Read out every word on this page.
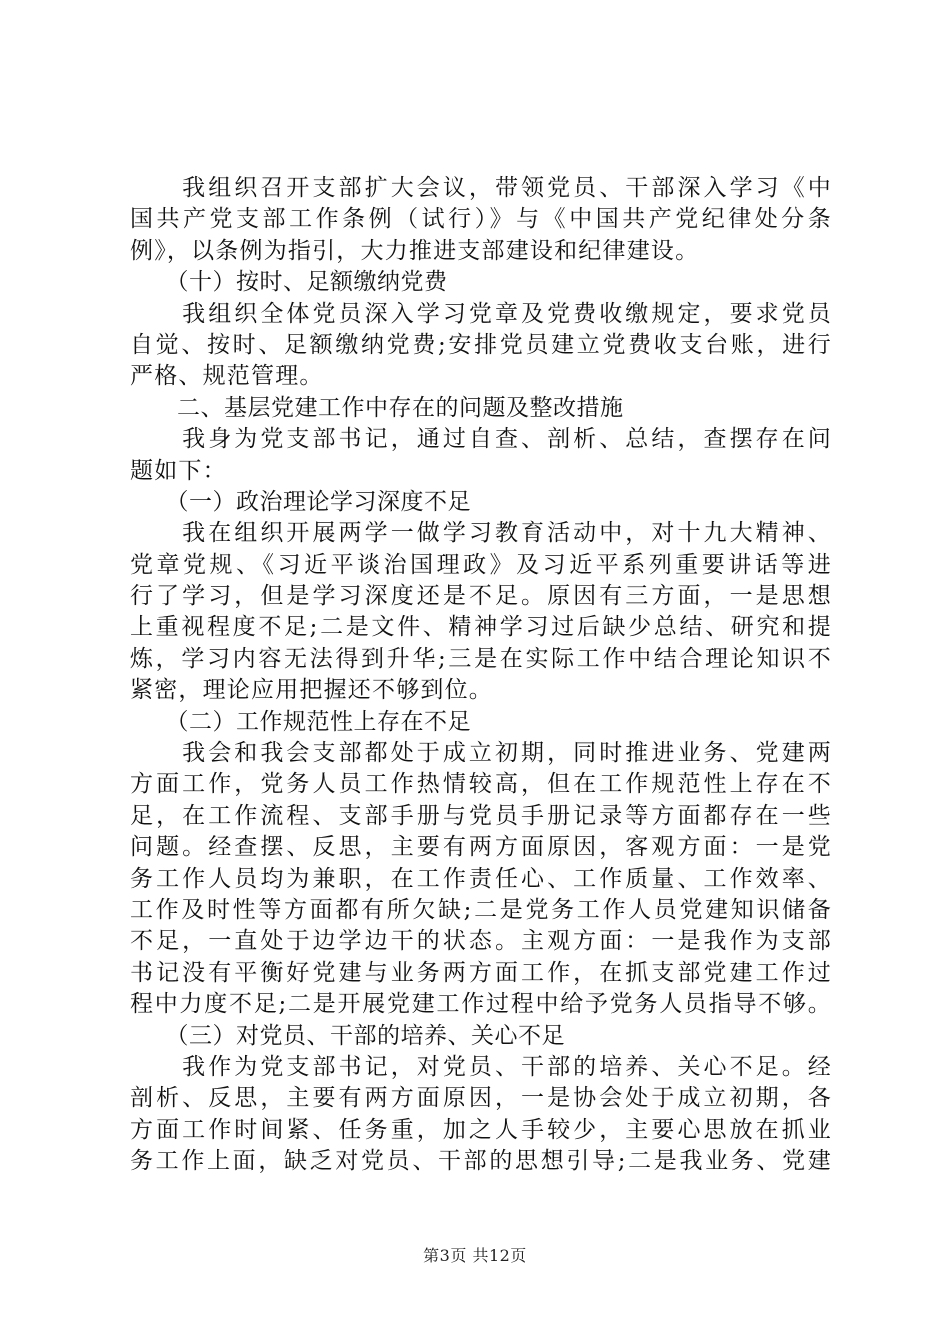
　　我组织召开支部扩大会议，带领党员、干部深入学习《中
国共产党支部工作条例（试行）》与《中国共产党纪律处分条
例》，以条例为指引，大力推进支部建设和纪律建设。
　　（十）按时、足额缴纳党费
　　我组织全体党员深入学习党章及党费收缴规定，要求党员
自觉、按时、足额缴纳党费;安排党员建立党费收支台账，进行
严格、规范管理。
　　二、基层党建工作中存在的问题及整改措施
　　我身为党支部书记，通过自查、剖析、总结，查摆存在问
题如下：
　　（一）政治理论学习深度不足
　　我在组织开展两学一做学习教育活动中，对十九大精神、
党章党规、《习近平谈治国理政》及习近平系列重要讲话等进
行了学习，但是学习深度还是不足。原因有三方面，一是思想
上重视程度不足;二是文件、精神学习过后缺少总结、研究和提
炼，学习内容无法得到升华;三是在实际工作中结合理论知识不
紧密，理论应用把握还不够到位。
　　（二）工作规范性上存在不足
　　我会和我会支部都处于成立初期，同时推进业务、党建两
方面工作，党务人员工作热情较高，但在工作规范性上存在不
足，在工作流程、支部手册与党员手册记录等方面都存在一些
问题。经查摆、反思，主要有两方面原因，客观方面：一是党
务工作人员均为兼职，在工作责任心、工作质量、工作效率、
工作及时性等方面都有所欠缺;二是党务工作人员党建知识储备
不足，一直处于边学边干的状态。主观方面：一是我作为支部
书记没有平衡好党建与业务两方面工作，在抓支部党建工作过
程中力度不足;二是开展党建工作过程中给予党务人员指导不够。
　　（三）对党员、干部的培养、关心不足
　　我作为党支部书记，对党员、干部的培养、关心不足。经
剖析、反思，主要有两方面原因，一是协会处于成立初期，各
方面工作时间紧、任务重，加之人手较少，主要心思放在抓业
务工作上面，缺乏对党员、干部的思想引导;二是我业务、党建
第3页 共12页
